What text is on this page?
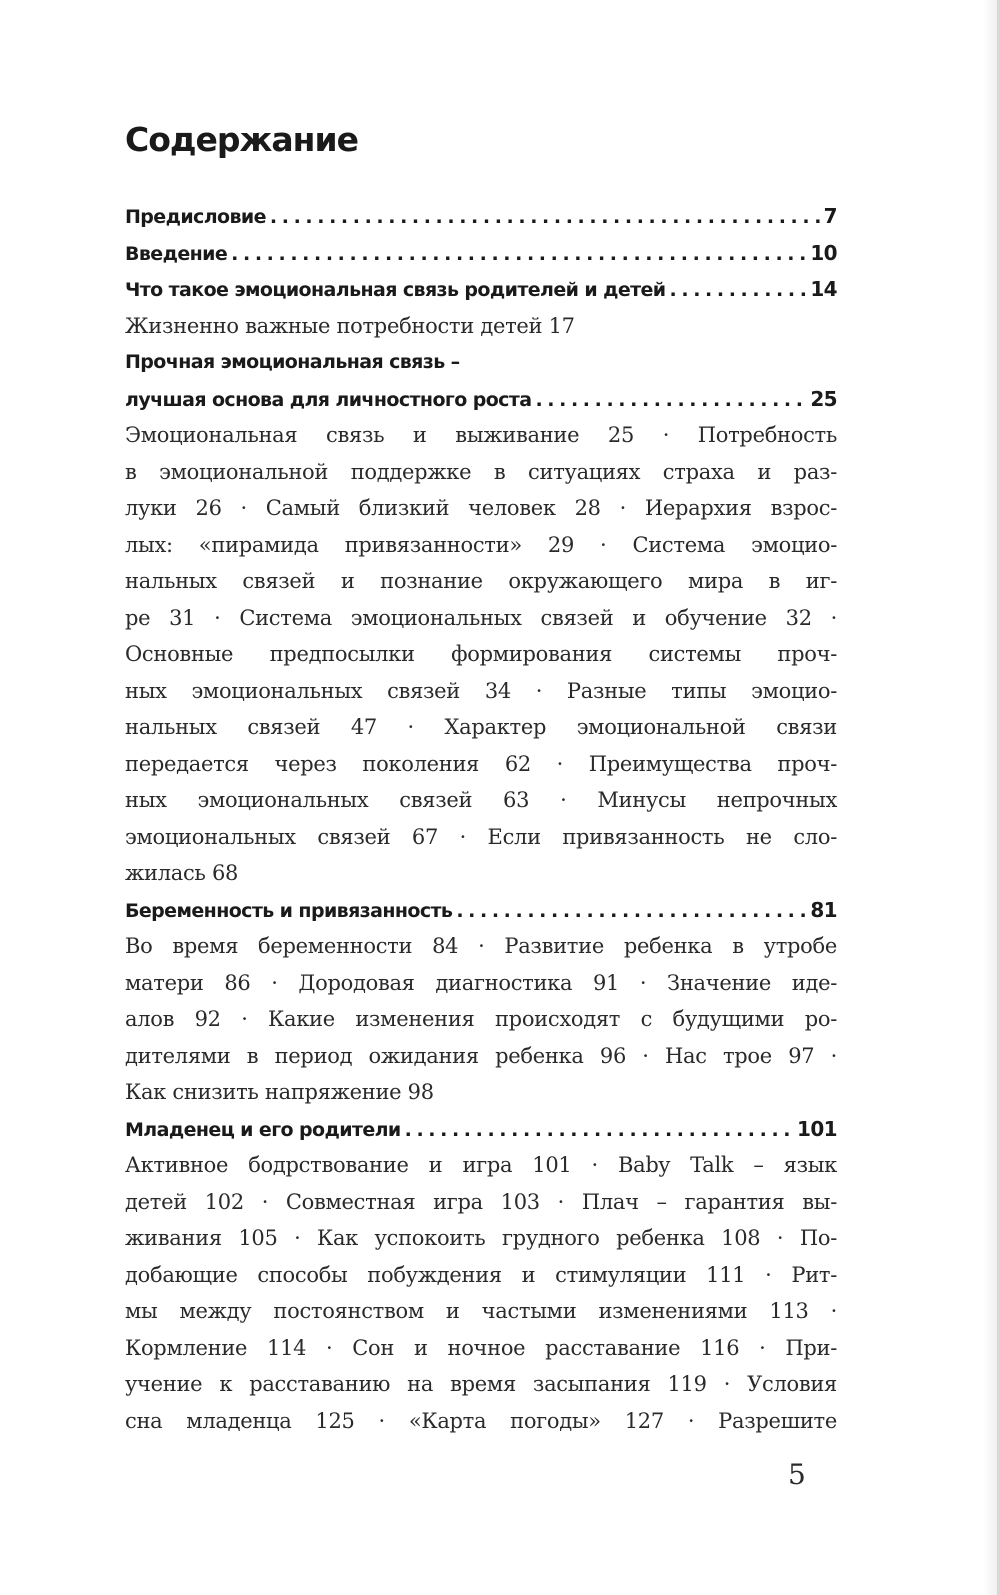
Содержание
Предисловие . . .	7
Введение . . .	10
Что такое эмоциональная связь родителей и детей . . .	14
Жизненно важные потребности детей 17
Прочная эмоциональная связь –
лучшая основа для личностного роста . . .	25
Эмоциональная связь и выживание 25 · Потребность
в эмоциональной поддержке в ситуациях страха и раз-
луки 26 · Самый близкий человек 28 · Иерархия взрос-
лых: «пирамида привязанности» 29 · Система эмоцио-
нальных связей и познание окружающего мира в иг-
ре 31 · Система эмоциональных связей и обучение 32 ·
Основные предпосылки формирования системы проч-
ных эмоциональных связей 34 · Разные типы эмоцио-
нальных связей 47 · Характер эмоциональной связи
передается через поколения 62 · Преимущества проч-
ных эмоциональных связей 63 · Минусы непрочных
эмоциональных связей 67 · Если привязанность не сло-
жилась 68
Беременность и привязанность . . .	81
Во время беременности 84 · Развитие ребенка в утробе
матери 86 · Дородовая диагностика 91 · Значение иде-
алов 92 · Какие изменения происходят с будущими ро-
дителями в период ожидания ребенка 96 · Нас трое 97 ·
Как снизить напряжение 98
Младенец и его родители . . .	101
Активное бодрствование и игра 101 · Baby Talk – язык
детей 102 · Совместная игра 103 · Плач – гарантия вы-
живания 105 · Как успокоить грудного ребенка 108 · По-
добающие способы побуждения и стимуляции 111 · Рит-
мы между постоянством и частыми изменениями 113 ·
Кормление 114 · Сон и ночное расставание 116 · При-
учение к расставанию на время засыпания 119 · Условия
сна младенца 125 · «Карта погоды» 127 · Разрешите
5
